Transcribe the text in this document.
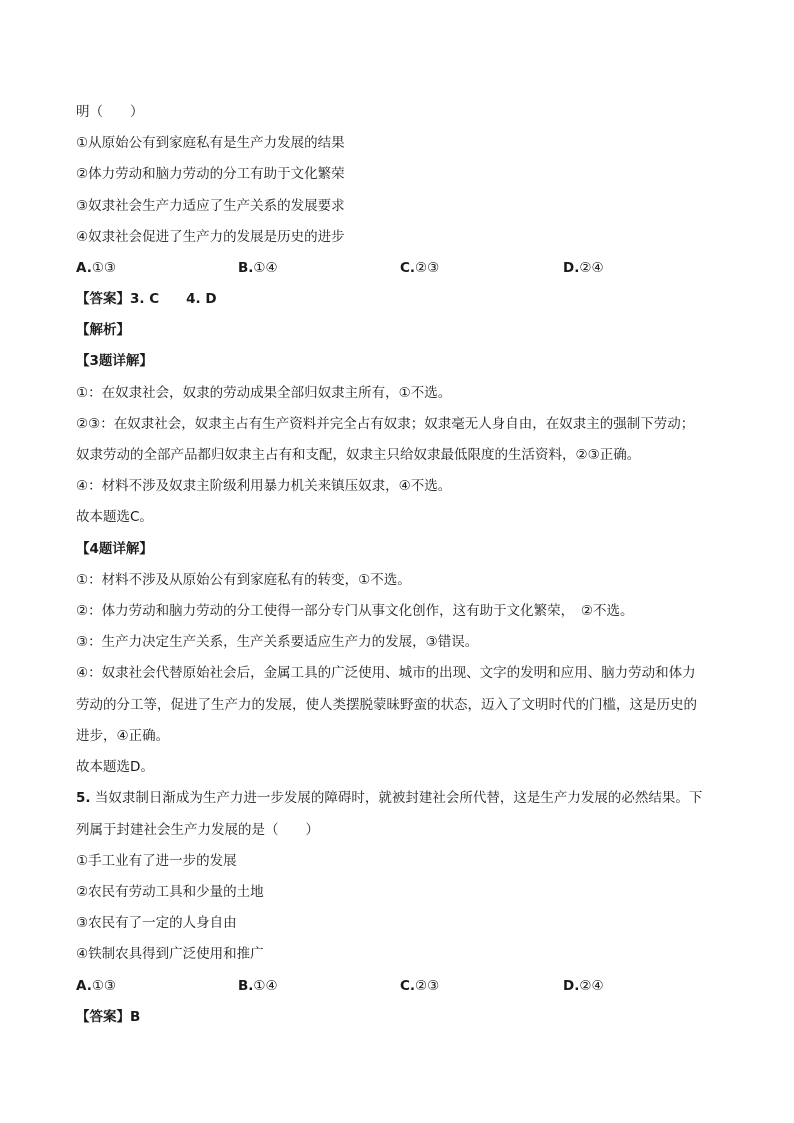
明（　　）
①从原始公有到家庭私有是生产力发展的结果
②体力劳动和脑力劳动的分工有助于文化繁荣
③奴隶社会生产力适应了生产关系的发展要求
④奴隶社会促进了生产力的发展是历史的进步
A.①③	B.①④	C.②③	D.②④
【答案】3. C　　4. D
【解析】
【3题详解】
①：在奴隶社会，奴隶的劳动成果全部归奴隶主所有，①不选。
②③：在奴隶社会，奴隶主占有生产资料并完全占有奴隶；奴隶毫无人身自由，在奴隶主的强制下劳动；
奴隶劳动的全部产品都归奴隶主占有和支配，奴隶主只给奴隶最低限度的生活资料，②③正确。
④：材料不涉及奴隶主阶级利用暴力机关来镇压奴隶，④不选。
故本题选C。
【4题详解】
①：材料不涉及从原始公有到家庭私有的转变，①不选。
②：体力劳动和脑力劳动的分工使得一部分专门从事文化创作，这有助于文化繁荣，　②不选。
③：生产力决定生产关系，生产关系要适应生产力的发展，③错误。
④：奴隶社会代替原始社会后，金属工具的广泛使用、城市的出现、文字的发明和应用、脑力劳动和体力
劳动的分工等，促进了生产力的发展，使人类摆脱蒙昧野蛮的状态，迈入了文明时代的门槛，这是历史的
进步，④正确。
故本题选D。
5. 当奴隶制日渐成为生产力进一步发展的障碍时，就被封建社会所代替，这是生产力发展的必然结果。下
列属于封建社会生产力发展的是（　　）
①手工业有了进一步的发展
②农民有劳动工具和少量的土地
③农民有了一定的人身自由
④铁制农具得到广泛使用和推广
A.①③	B.①④	C.②③	D.②④
【答案】B
